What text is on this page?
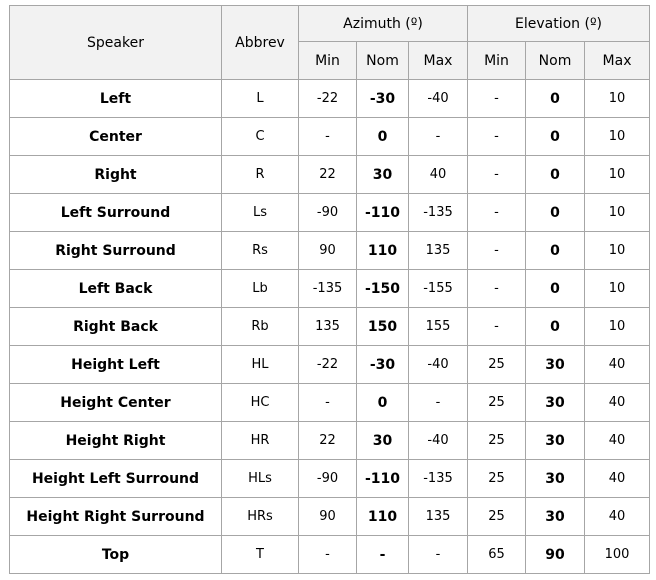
Speaker	Abbrev	Azimuth (º)			Elevation (º)		
		Min	Nom	Max	Min	Nom	Max
Left	L	-22	-30	-40	-	0	10
Center	C	-	0	-	-	0	10
Right	R	22	30	40	-	0	10
Left Surround	Ls	-90	-110	-135	-	0	10
Right Surround	Rs	90	110	135	-	0	10
Left Back	Lb	-135	-150	-155	-	0	10
Right Back	Rb	135	150	155	-	0	10
Height Left	HL	-22	-30	-40	25	30	40
Height Center	HC	-	0	-	25	30	40
Height Right	HR	22	30	-40	25	30	40
Height Left Surround	HLs	-90	-110	-135	25	30	40
Height Right Surround	HRs	90	110	135	25	30	40
Top	T	-	-	-	65	90	100
